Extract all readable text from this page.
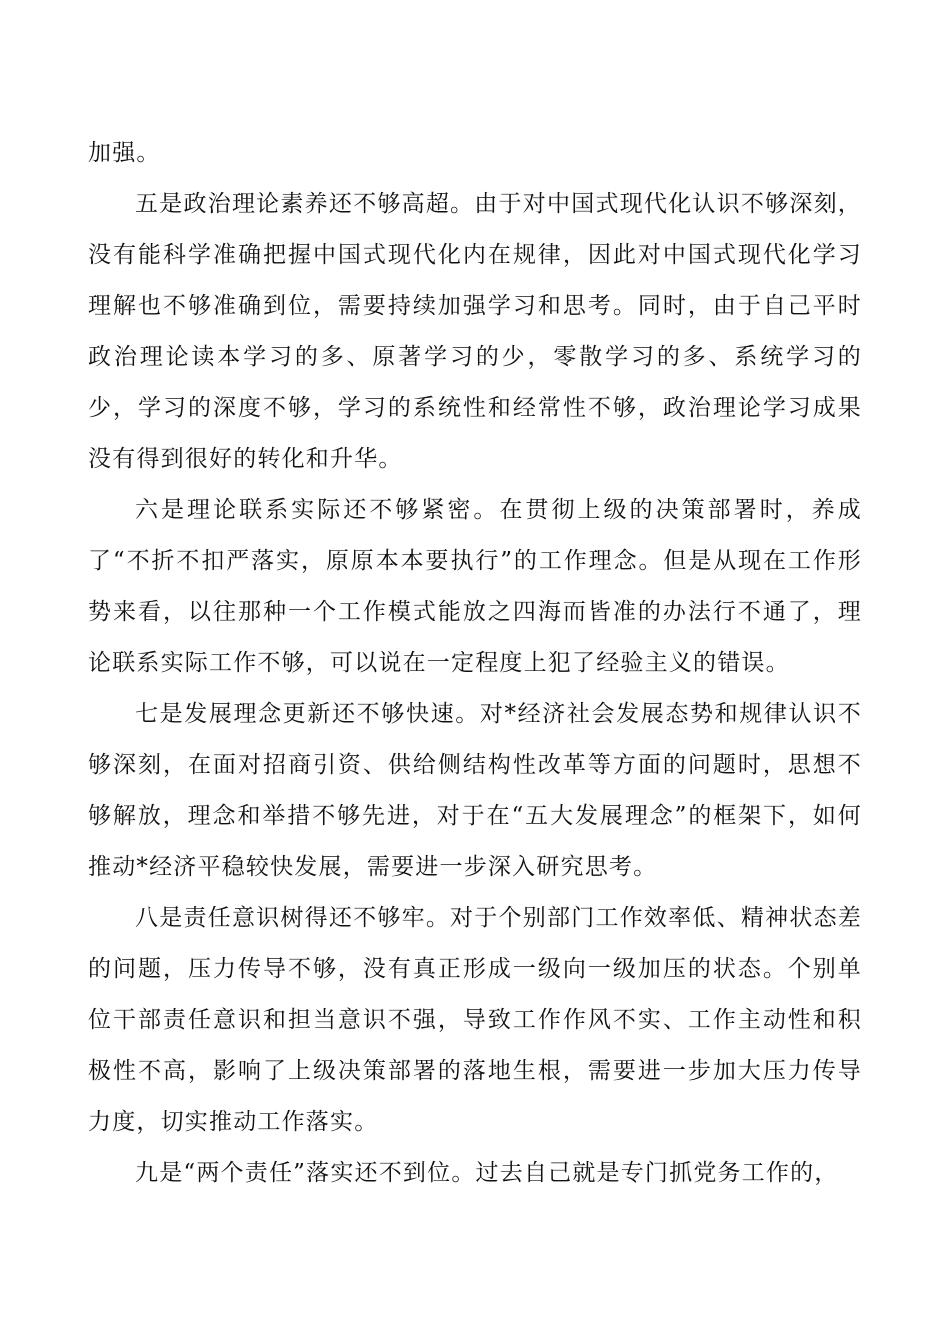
加强。

五是政治理论素养还不够高超。由于对中国式现代化认识不够深刻，没有能科学准确把握中国式现代化内在规律，因此对中国式现代化学习理解也不够准确到位，需要持续加强学习和思考。同时，由于自己平时政治理论读本学习的多、原著学习的少，零散学习的多、系统学习的少，学习的深度不够，学习的系统性和经常性不够，政治理论学习成果没有得到很好的转化和升华。

六是理论联系实际还不够紧密。在贯彻上级的决策部署时，养成了“不折不扣严落实，原原本本要执行”的工作理念。但是从现在工作形势来看，以往那种一个工作模式能放之四海而皆准的办法行不通了，理论联系实际工作不够，可以说在一定程度上犯了经验主义的错误。

七是发展理念更新还不够快速。对*经济社会发展态势和规律认识不够深刻，在面对招商引资、供给侧结构性改革等方面的问题时，思想不够解放，理念和举措不够先进，对于在“五大发展理念”的框架下，如何推动*经济平稳较快发展，需要进一步深入研究思考。

八是责任意识树得还不够牢。对于个别部门工作效率低、精神状态差的问题，压力传导不够，没有真正形成一级向一级加压的状态。个别单位干部责任意识和担当意识不强，导致工作作风不实、工作主动性和积极性不高，影响了上级决策部署的落地生根，需要进一步加大压力传导力度，切实推动工作落实。

九是“两个责任”落实还不到位。过去自己就是专门抓党务工作的，
